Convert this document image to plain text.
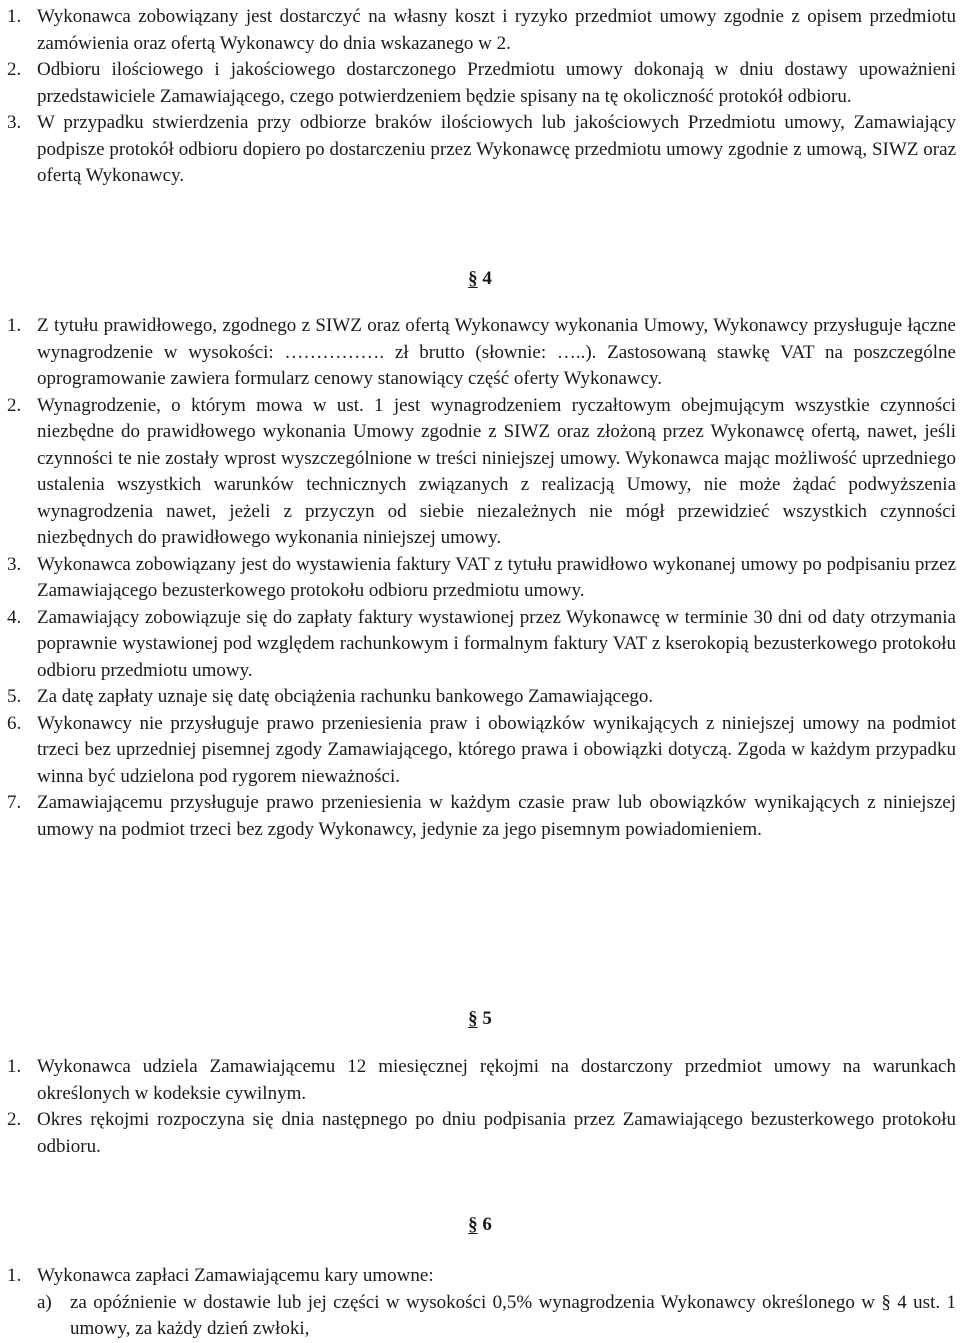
1. Wykonawca zobowiązany jest dostarczyć na własny koszt i ryzyko przedmiot umowy zgodnie z opisem przedmiotu zamówienia oraz ofertą Wykonawcy do dnia wskazanego w 2.
2. Odbioru ilościowego i jakościowego dostarczonego Przedmiotu umowy dokonają w dniu dostawy upoważnieni przedstawiciele Zamawiającego, czego potwierdzeniem będzie spisany na tę okoliczność protokół odbioru.
3. W przypadku stwierdzenia przy odbiorze braków ilościowych lub jakościowych Przedmiotu umowy, Zamawiający podpisze protokół odbioru dopiero po dostarczeniu przez Wykonawcę przedmiotu umowy zgodnie z umową, SIWZ oraz ofertą Wykonawcy.
§ 4
1. Z tytułu prawidłowego, zgodnego z SIWZ oraz ofertą Wykonawcy wykonania Umowy, Wykonawcy przysługuje łączne wynagrodzenie w wysokości: ……………. zł brutto (słownie: …..). Zastosowaną stawkę VAT na poszczególne oprogramowanie zawiera formularz cenowy stanowiący część oferty Wykonawcy.
2. Wynagrodzenie, o którym mowa w ust. 1 jest wynagrodzeniem ryczałtowym obejmującym wszystkie czynności niezbędne do prawidłowego wykonania Umowy zgodnie z SIWZ oraz złożoną przez Wykonawcę ofertą, nawet, jeśli czynności te nie zostały wprost wyszczególnione w treści niniejszej umowy. Wykonawca mając możliwość uprzedniego ustalenia wszystkich warunków technicznych związanych z realizacją Umowy, nie może żądać podwyższenia wynagrodzenia nawet, jeżeli z przyczyn od siebie niezależnych nie mógł przewidzieć wszystkich czynności niezbędnych do prawidłowego wykonania niniejszej umowy.
3. Wykonawca zobowiązany jest do wystawienia faktury VAT z tytułu prawidłowo wykonanej umowy po podpisaniu przez Zamawiającego bezusterkowego protokołu odbioru przedmiotu umowy.
4. Zamawiający zobowiązuje się do zapłaty faktury wystawionej przez Wykonawcę w terminie 30 dni od daty otrzymania poprawnie wystawionej pod względem rachunkowym i formalnym faktury VAT z kserokopią bezusterkowego protokołu odbioru przedmiotu umowy.
5. Za datę zapłaty uznaje się datę obciążenia rachunku bankowego Zamawiającego.
6. Wykonawcy nie przysługuje prawo przeniesienia praw i obowiązków wynikających z niniejszej umowy na podmiot trzeci bez uprzedniej pisemnej zgody Zamawiającego, którego prawa i obowiązki dotyczą. Zgoda w każdym przypadku winna być udzielona pod rygorem nieważności.
7. Zamawiającemu przysługuje prawo przeniesienia w każdym czasie praw lub obowiązków wynikających z niniejszej umowy na podmiot trzeci bez zgody Wykonawcy, jedynie za jego pisemnym powiadomieniem.
§ 5
1. Wykonawca udziela Zamawiającemu 12 miesięcznej rękojmi na dostarczony przedmiot umowy na warunkach określonych w kodeksie cywilnym.
2. Okres rękojmi rozpoczyna się dnia następnego po dniu podpisania przez Zamawiającego bezusterkowego protokołu odbioru.
§ 6
1. Wykonawca zapłaci Zamawiającemu kary umowne:
a) za opóźnienie w dostawie lub jej części w wysokości 0,5% wynagrodzenia Wykonawcy określonego w § 4 ust. 1 umowy, za każdy dzień zwłoki,
